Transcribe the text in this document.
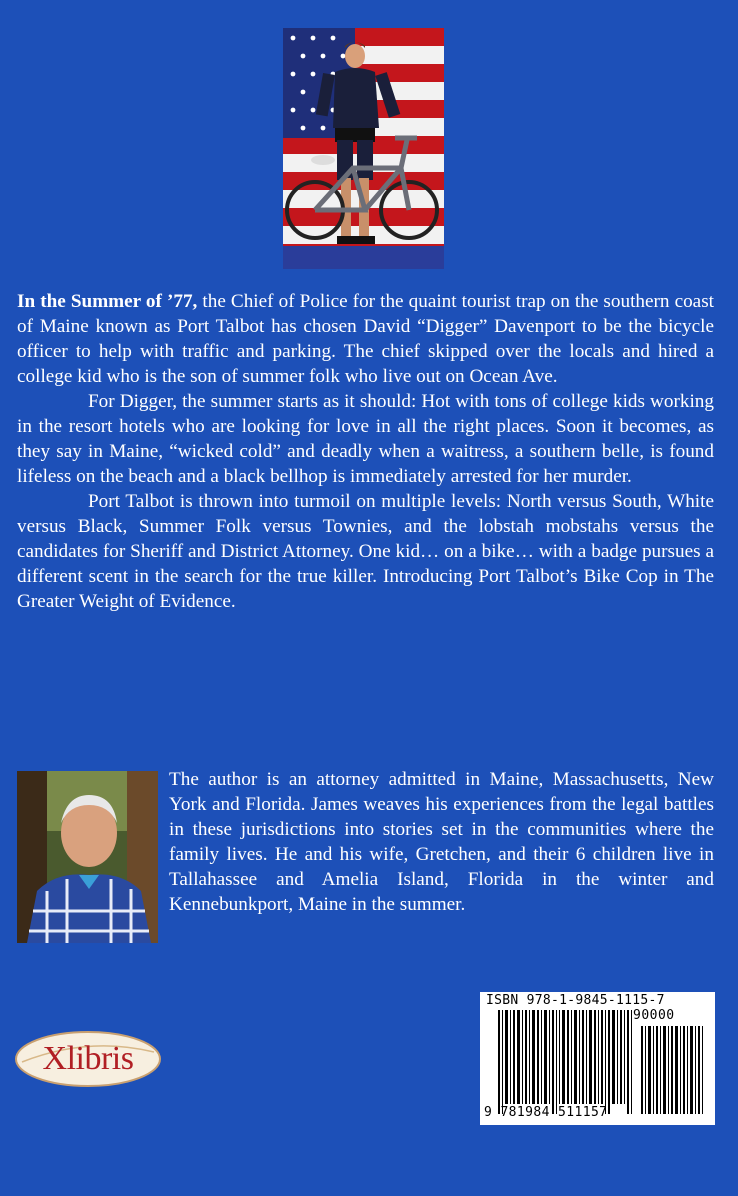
In the Summer of ’77, the Chief of Police for the quaint tourist trap on the southern coast of Maine known as Port Talbot has chosen David “Digger” Davenport to be the bicycle officer to help with traffic and parking. The chief skipped over the locals and hired a college kid who is the son of summer folk who live out on Ocean Ave.

For Digger, the summer starts as it should: Hot with tons of college kids working in the resort hotels who are looking for love in all the right places. Soon it becomes, as they say in Maine, “wicked cold” and deadly when a waitress, a southern belle, is found lifeless on the beach and a black bellhop is immediately arrested for her murder.

Port Talbot is thrown into turmoil on multiple levels: North versus South, White versus Black, Summer Folk versus Townies, and the lobstah mobstahs versus the candidates for Sheriff and District Attorney. One kid… on a bike… with a badge pursues a different scent in the search for the true killer. Introducing Port Talbot’s Bike Cop in The Greater Weight of Evidence.

The author is an attorney admitted in Maine, Massachusetts, New York and Florida. James weaves his experiences from the legal battles in these jurisdictions into stories set in the communities where the family lives. He and his wife, Gretchen, and their 6 children live in Tallahassee and Amelia Island, Florida in the winter and Kennebunkport, Maine in the summer.

Xlibris
ISBN 978-1-9845-1115-7
90000
9 781984 511157
